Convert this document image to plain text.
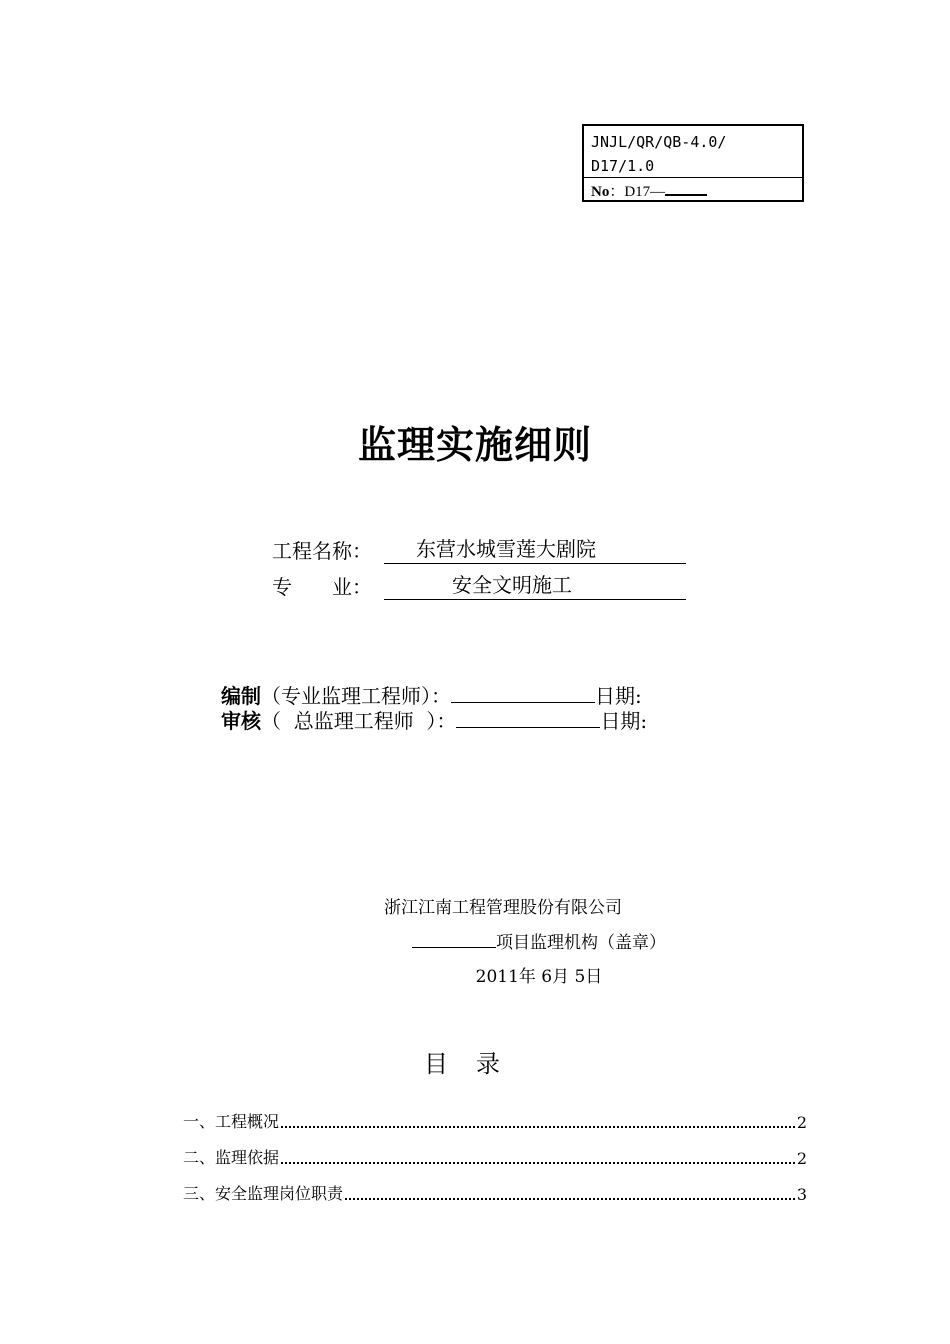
JNJL/QR/QB-4.0/
D17/1.0
No：D17—
监理实施细则
工程名称：	东营水城雪莲大剧院
专　　业：	安全文明施工
编制（专业监理工程师）：	日期:
审核（  总监理工程师  ）：	日期:
浙江江南工程管理股份有限公司
项目监理机构（盖章）
2011年 6月 5日
目录
一、工程概况	2
二、监理依据	2
三、安全监理岗位职责	3
